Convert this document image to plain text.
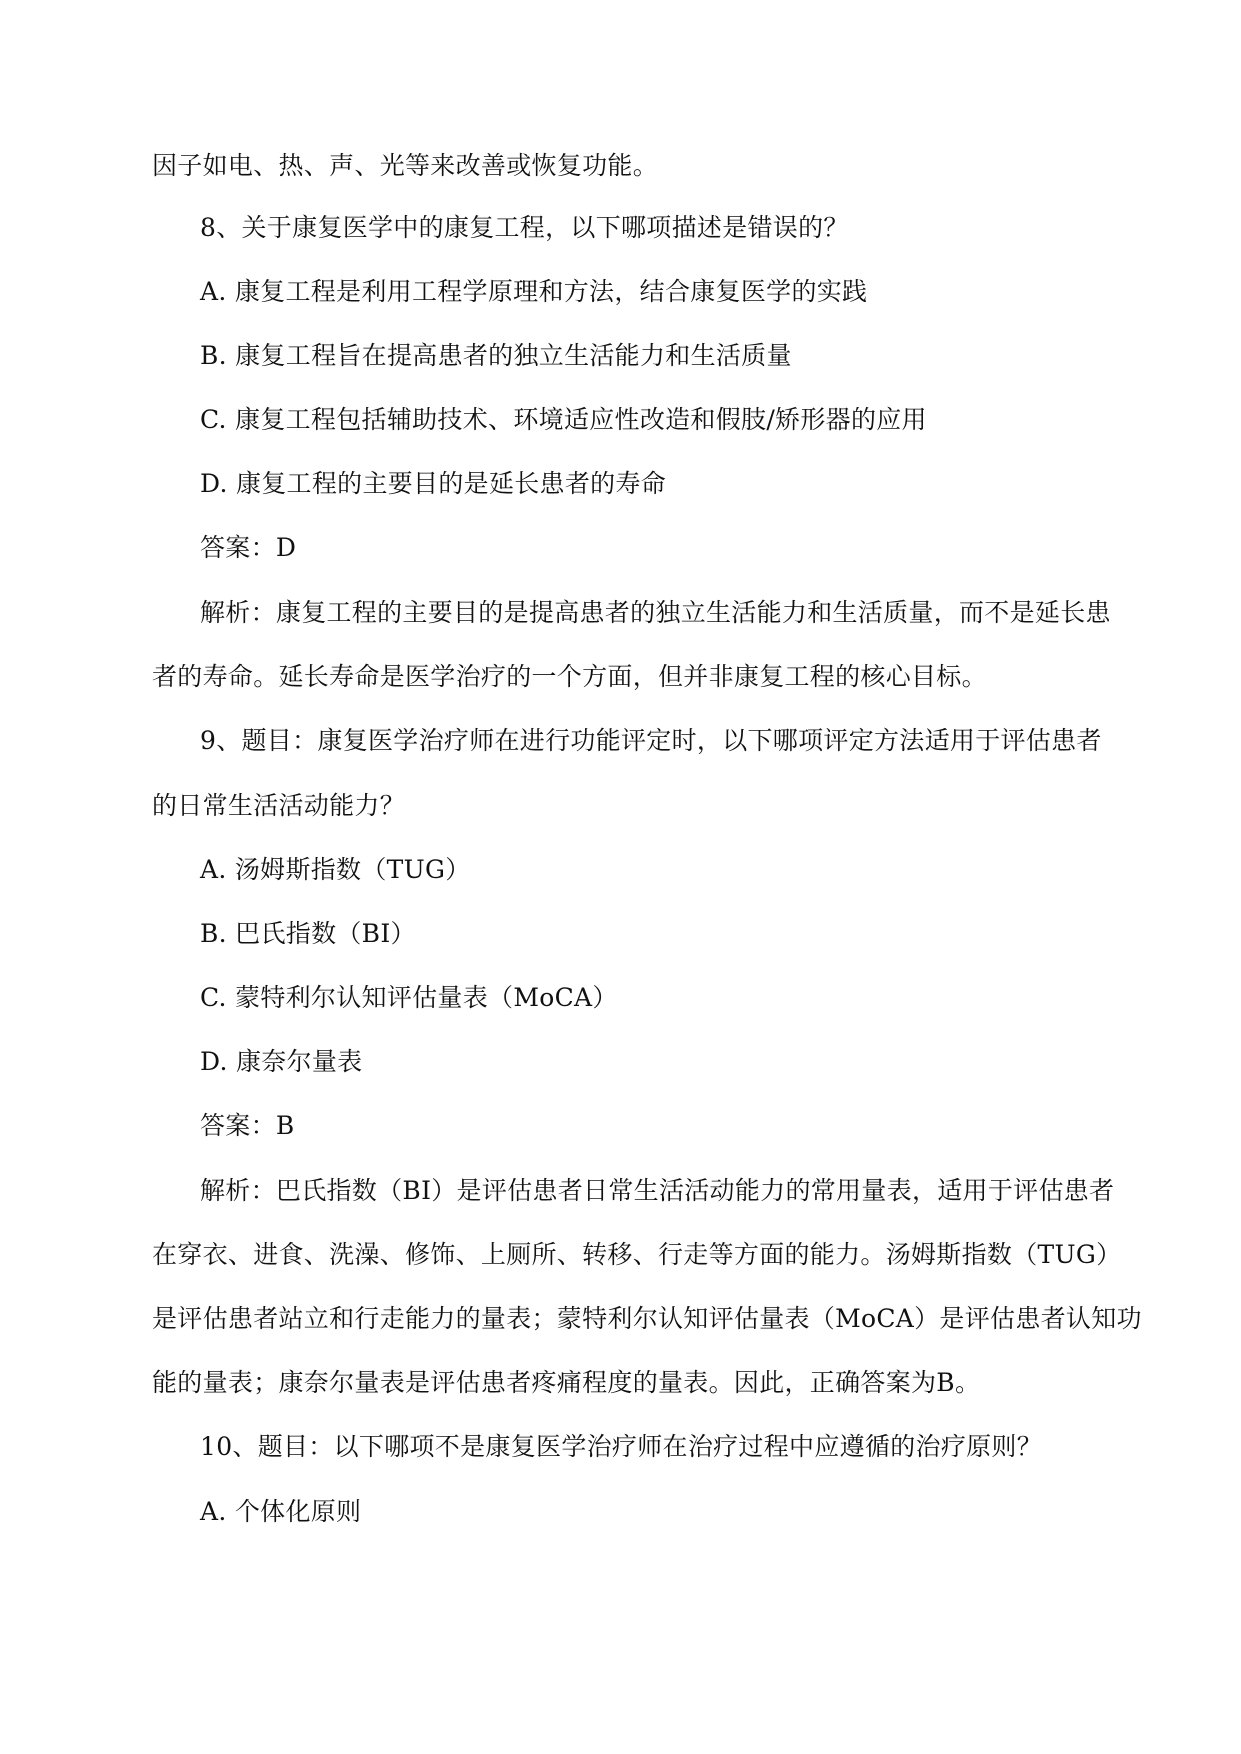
因子如电、热、声、光等来改善或恢复功能。
8、关于康复医学中的康复工程，以下哪项描述是错误的？
A. 康复工程是利用工程学原理和方法，结合康复医学的实践
B. 康复工程旨在提高患者的独立生活能力和生活质量
C. 康复工程包括辅助技术、环境适应性改造和假肢/矫形器的应用
D. 康复工程的主要目的是延长患者的寿命
答案：D
解析：康复工程的主要目的是提高患者的独立生活能力和生活质量，而不是延长患
者的寿命。延长寿命是医学治疗的一个方面，但并非康复工程的核心目标。
9、题目：康复医学治疗师在进行功能评定时，以下哪项评定方法适用于评估患者
的日常生活活动能力？
A. 汤姆斯指数（TUG）
B. 巴氏指数（BI）
C. 蒙特利尔认知评估量表（MoCA）
D. 康奈尔量表
答案：B
解析：巴氏指数（BI）是评估患者日常生活活动能力的常用量表，适用于评估患者
在穿衣、进食、洗澡、修饰、上厕所、转移、行走等方面的能力。汤姆斯指数（TUG）
是评估患者站立和行走能力的量表；蒙特利尔认知评估量表（MoCA）是评估患者认知功
能的量表；康奈尔量表是评估患者疼痛程度的量表。因此，正确答案为B。
10、题目：以下哪项不是康复医学治疗师在治疗过程中应遵循的治疗原则？
A. 个体化原则
